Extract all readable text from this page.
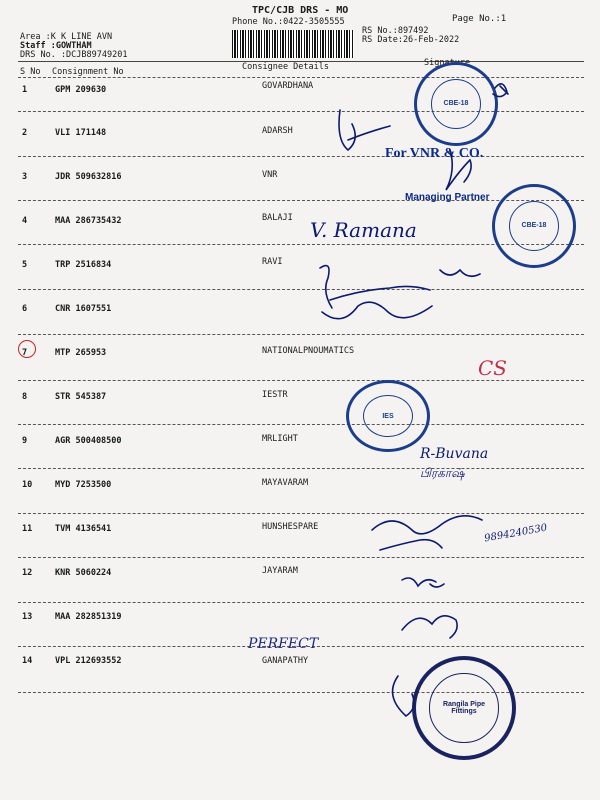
TPC/CJB DRS - MO
Phone No.:0422-3505555	Page No.:1
Area :K K LINE AVN
Staff :GOWTHAM
DRS No. :DCJB89749201
RS No.:897492
RS Date:26-Feb-2022
S No Consignment No	Consignee Details	Signature
1	GPM 209630	GOVARDHANA
2	VLI 171148	ADARSH
3	JDR 509632816	VNR
4	MAA 286735432	BALAJI
5	TRP 2516834	RAVI
6	CNR 1607551
7	MTP 265953	NATIONALPNOUMATICS
8	STR 545387	IESTR
9	AGR 500408500	MRLIGHT
10	MYD 7253500	MAYAVARAM
11	TVM 4136541	HUNSHESPARE
12	KNR 5060224	JAYARAM
13	MAA 282851319
14	VPL 212693552	GANAPATHY
CBE-18
CBE-18
IES
Rangila Pipe Fittings
For VNR & CO.
Managing Partner
CS
PERFECT
R-Buvana
பிரகாஷ்
9894240530
V. Ramana
